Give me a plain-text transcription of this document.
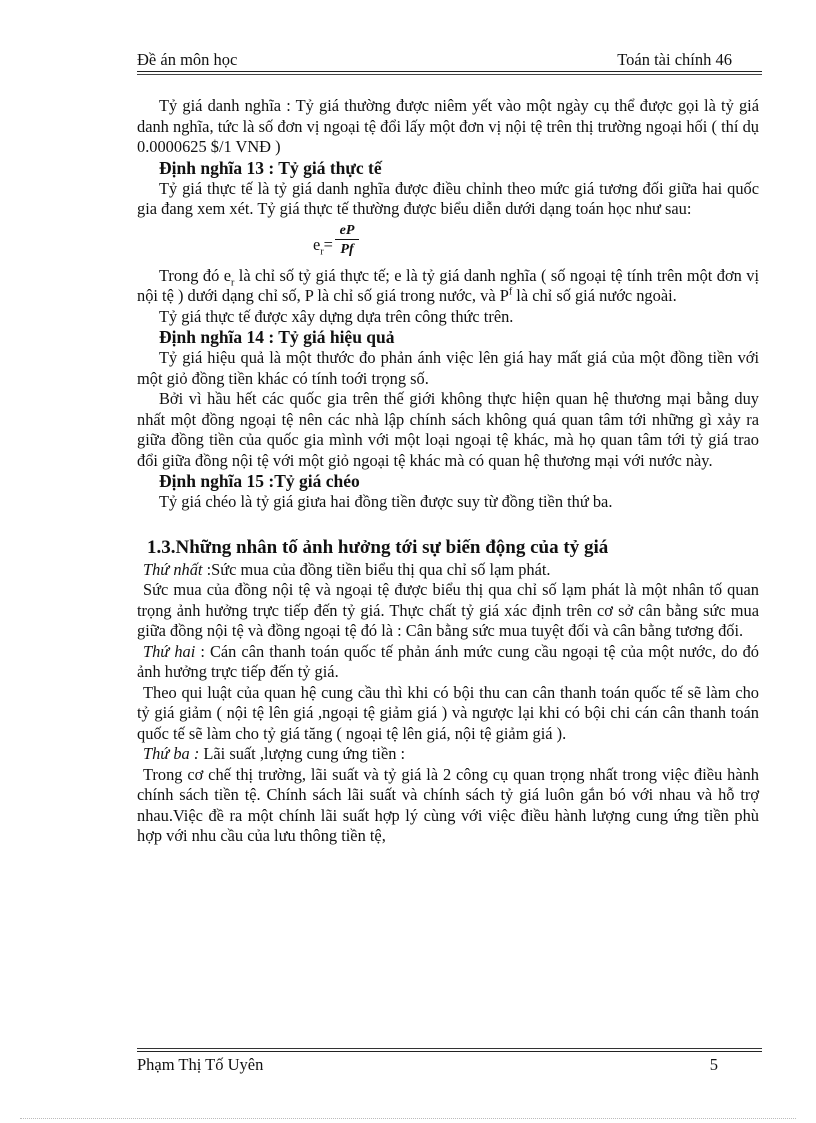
Đề án môn học	Toán tài chính 46

Tỷ giá danh nghĩa : Tỷ giá thường được niêm yết vào một ngày cụ thể được gọi là tỷ giá danh nghĩa, tức là số đơn vị ngoại tệ đổi lấy một đơn vị nội tệ trên thị trường ngoại hối ( thí dụ 0.0000625 $/1 VNĐ )

Định nghĩa 13 : Tỷ giá thực tế

Tỷ giá thực tế là tỷ giá danh nghĩa được điều chỉnh theo mức giá tương đối giữa hai quốc gia đang xem xét. Tỷ giá thực tế thường được biểu diễn dưới dạng toán học như sau:

$e_r= \frac{eP}{Pf}$

Trong đó $e_r$ là chỉ số tỷ giá thực tế; e là tỷ giá danh nghĩa ( số ngoại tệ tính trên một đơn vị nội tệ ) dưới dạng chỉ số, P là chỉ số giá trong nước, và $P^f$ là chỉ số giá nước ngoài.

Tỷ giá thực tế được xây dựng dựa trên công thức trên.

Định nghĩa 14 : Tỷ giá hiệu quả

Tỷ giá hiệu quả là một thước đo phản ánh việc lên giá hay mất giá của một đồng tiền với một giỏ đồng tiền khác có tính toới trọng số.

Bởi vì hầu hết các quốc gia trên thế giới không thực hiện quan hệ thương mại bằng duy nhất một đồng ngoại tệ nên các nhà lập chính sách không quá quan tâm tới những gì xảy ra giữa đồng tiền của quốc gia mình với một loại ngoại tệ khác, mà họ quan tâm tới tỷ giá trao đổi giữa đồng nội tệ với một giỏ ngoại tệ khác mà có quan hệ thương mại với nước này.

Định nghĩa 15 :Tỷ giá chéo

Tỷ giá chéo là tỷ giá giưa hai đồng tiền được suy từ đồng tiền thứ ba.

1.3.Những nhân tố ảnh hưởng tới sự biến động của tỷ giá

Thứ nhất :Sức mua của đồng tiền biểu thị qua chỉ số lạm phát.

Sức mua của đồng nội tệ và ngoại tệ được biểu thị qua chỉ số lạm phát là một nhân tố quan trọng ảnh hưởng trực tiếp đến tỷ giá. Thực chất tỷ giá xác định trên cơ sở cân bằng sức mua giữa đồng nội tệ và đồng ngoại tệ đó là : Cân bằng sức mua tuyệt đối và cân bằng tương đối.

Thứ hai : Cán cân thanh toán quốc tế phản ánh mức cung cầu ngoại tệ của một nước, do đó ảnh hưởng trực tiếp đến tỷ giá.

Theo qui luật của quan hệ cung cầu thì khi có bội thu can cân thanh toán quốc tế sẽ làm cho tỷ giá giảm ( nội tệ lên giá ,ngoại tệ giảm giá ) và ngược lại khi có bội chi cán cân thanh toán quốc tế sẽ làm cho tỷ giá tăng ( ngoại tệ lên giá, nội tệ giảm giá ).

Thứ ba : Lãi suất ,lượng cung ứng tiền :

Trong cơ chế thị trường, lãi suất và tỷ giá là 2 công cụ quan trọng nhất trong việc điều hành chính sách tiền tệ. Chính sách lãi suất và chính sách tỷ giá luôn gắn bó với nhau và hỗ trợ nhau.Việc đề ra một chính lãi suất hợp lý cùng với việc điều hành lượng cung ứng tiền phù hợp với nhu cầu của lưu thông tiền tệ,

Phạm Thị Tố Uyên	5
